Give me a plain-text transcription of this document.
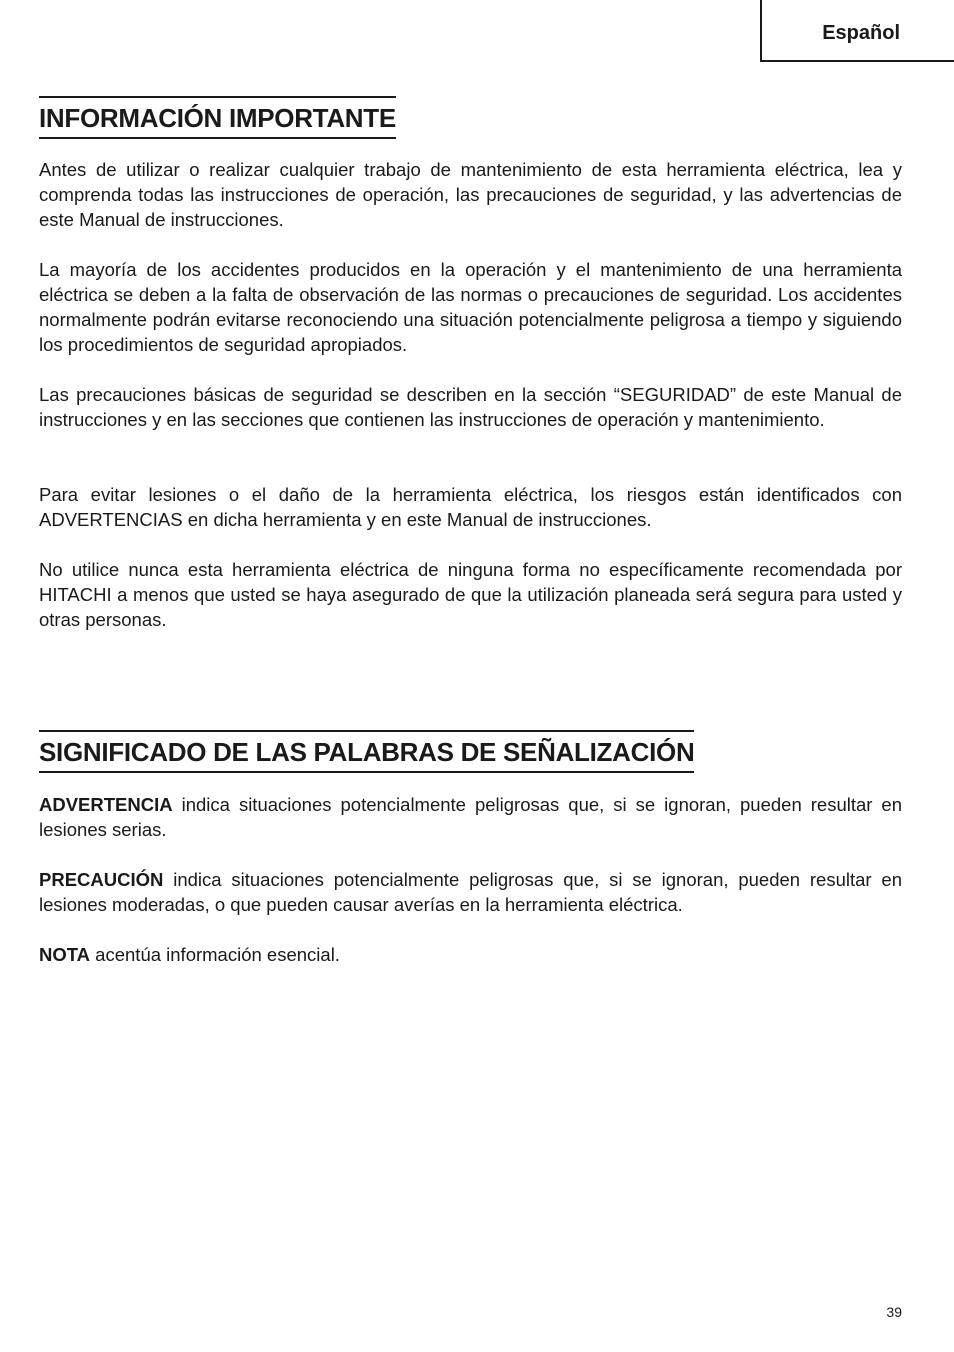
Español
INFORMACIÓN IMPORTANTE

Antes de utilizar o realizar cualquier trabajo de mantenimiento de esta herramienta eléctrica, lea y comprenda todas las instrucciones de operación, las precauciones de seguridad, y las advertencias de este Manual de instrucciones.

La mayoría de los accidentes producidos en la operación y el mantenimiento de una herramienta eléctrica se deben a la falta de observación de las normas o precauciones de seguridad. Los accidentes normalmente podrán evitarse reconociendo una situación potencialmente peligrosa a tiempo y siguiendo los procedimientos de seguridad apropiados.

Las precauciones básicas de seguridad se describen en la sección “SEGURIDAD” de este Manual de instrucciones y en las secciones que contienen las instrucciones de operación y mantenimiento.

Para evitar lesiones o el daño de la herramienta eléctrica, los riesgos están identificados con ADVERTENCIAS en dicha herramienta y en este Manual de instrucciones.

No utilice nunca esta herramienta eléctrica de ninguna forma no específicamente recomendada por HITACHI a menos que usted se haya asegurado de que la utilización planeada será segura para usted y otras personas.

SIGNIFICADO DE LAS PALABRAS DE SEÑALIZACIÓN

ADVERTENCIA indica situaciones potencialmente peligrosas que, si se ignoran, pueden resultar en lesiones serias.

PRECAUCIÓN indica situaciones potencialmente peligrosas que, si se ignoran, pueden resultar en lesiones moderadas, o que pueden causar averías en la herramienta eléctrica.

NOTA acentúa información esencial.

39
